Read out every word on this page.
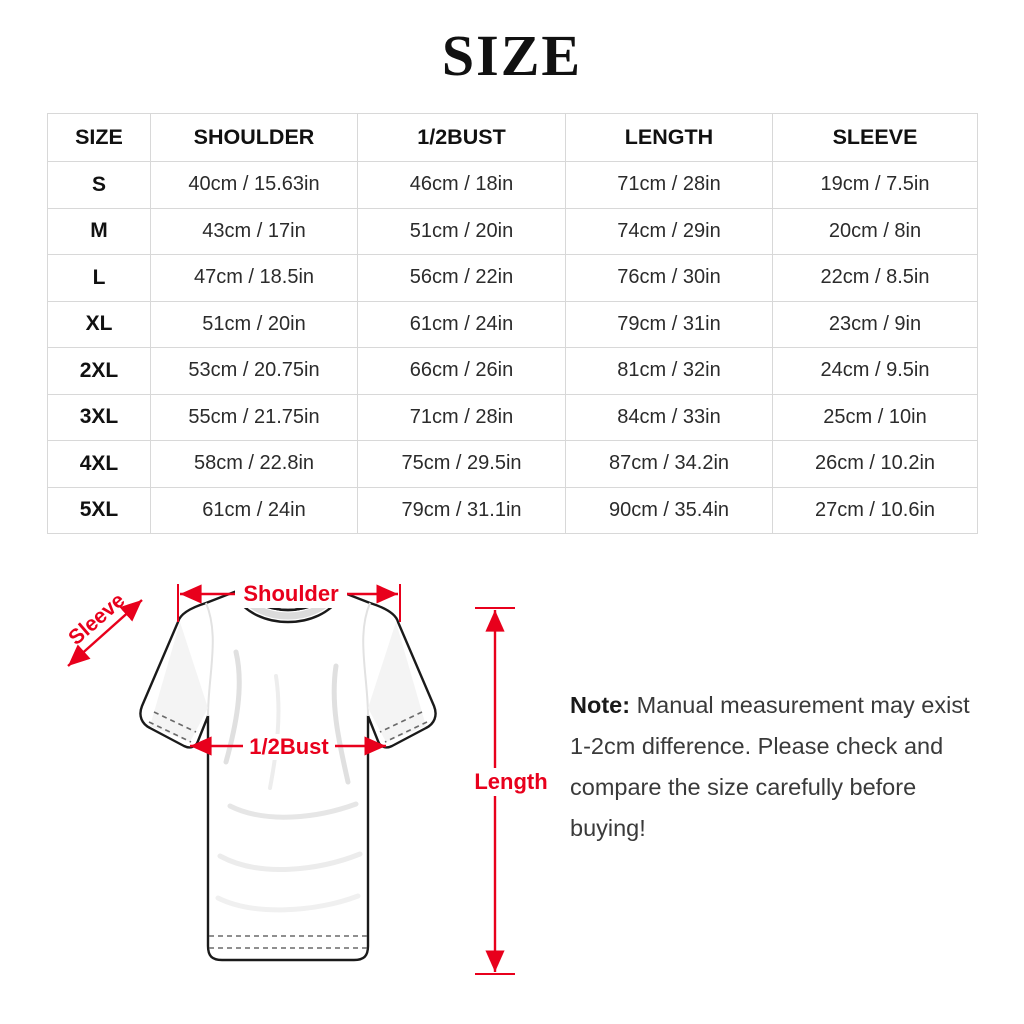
SIZE
SIZE	SHOULDER	1/2BUST	LENGTH	SLEEVE
S	40cm / 15.63in	46cm / 18in	71cm / 28in	19cm / 7.5in
M	43cm / 17in	51cm / 20in	74cm / 29in	20cm / 8in
L	47cm / 18.5in	56cm / 22in	76cm / 30in	22cm / 8.5in
XL	51cm / 20in	61cm / 24in	79cm / 31in	23cm / 9in
2XL	53cm / 20.75in	66cm / 26in	81cm / 32in	24cm / 9.5in
3XL	55cm / 21.75in	71cm / 28in	84cm / 33in	25cm / 10in
4XL	58cm / 22.8in	75cm / 29.5in	87cm / 34.2in	26cm / 10.2in
5XL	61cm / 24in	79cm / 31.1in	90cm / 35.4in	27cm / 10.6in
Shoulder
1/2Bust
Sleeve
Length
Note: Manual measurement may exist 1-2cm difference. Please check and compare the size carefully before buying!
